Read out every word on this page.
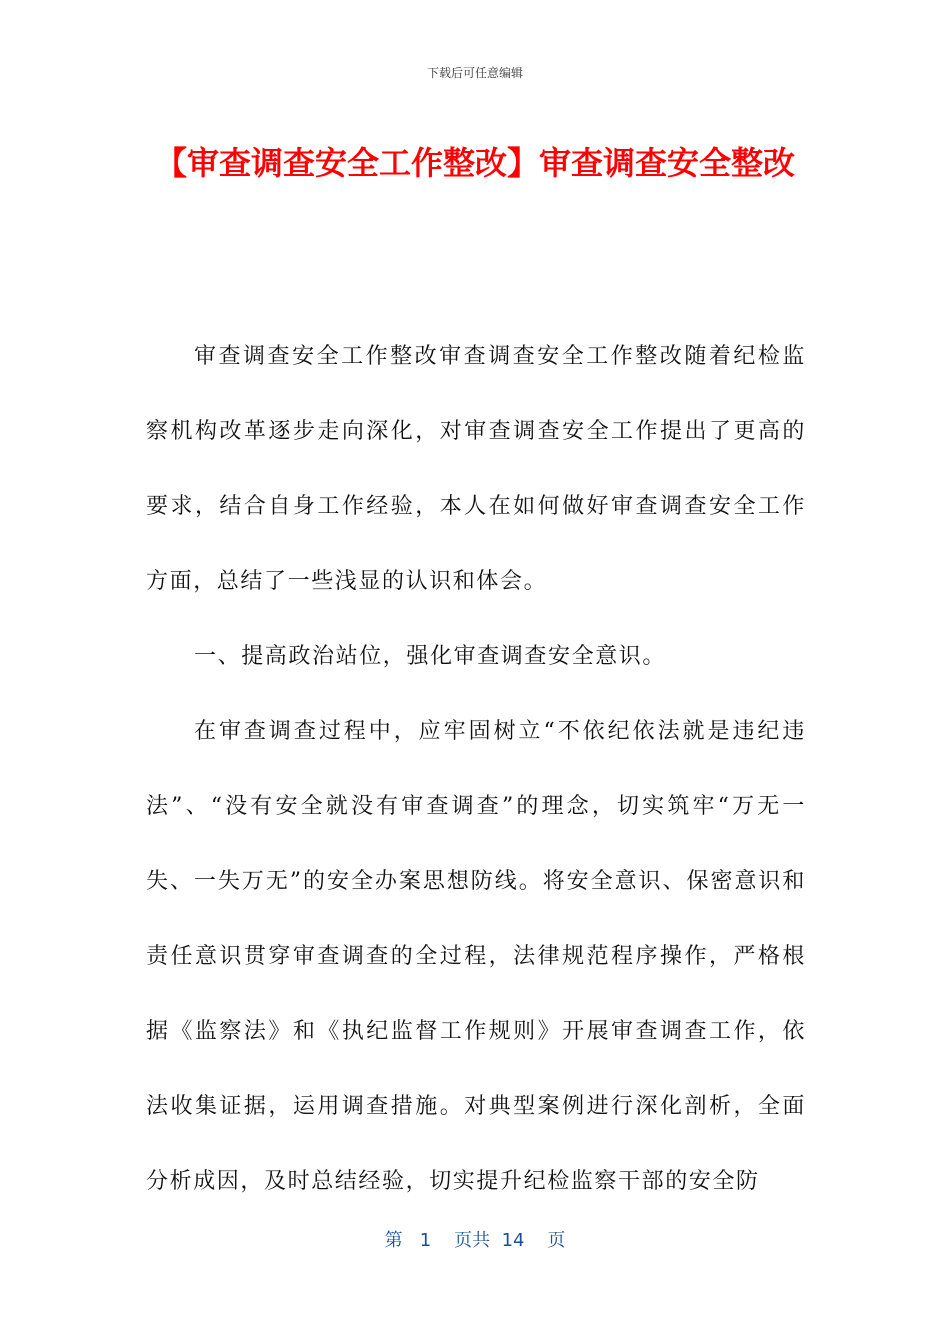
下载后可任意编辑
【审查调查安全工作整改】审查调查安全整改

审查调查安全工作整改审查调查安全工作整改随着纪检监察机构改革逐步走向深化，对审查调查安全工作提出了更高的要求，结合自身工作经验，本人在如何做好审查调查安全工作方面，总结了一些浅显的认识和体会。

一、提高政治站位，强化审查调查安全意识。

在审查调查过程中，应牢固树立“不依纪依法就是违纪违法”、“没有安全就没有审查调查”的理念，切实筑牢“万无一失、一失万无”的安全办案思想防线。将安全意识、保密意识和责任意识贯穿审查调查的全过程，法律规范程序操作，严格根据《监察法》和《执纪监督工作规则》开展审查调查工作，依法收集证据，运用调查措施。对典型案例进行深化剖析，全面分析成因，及时总结经验，切实提升纪检监察干部的安全防

第 1 页共 14 页
